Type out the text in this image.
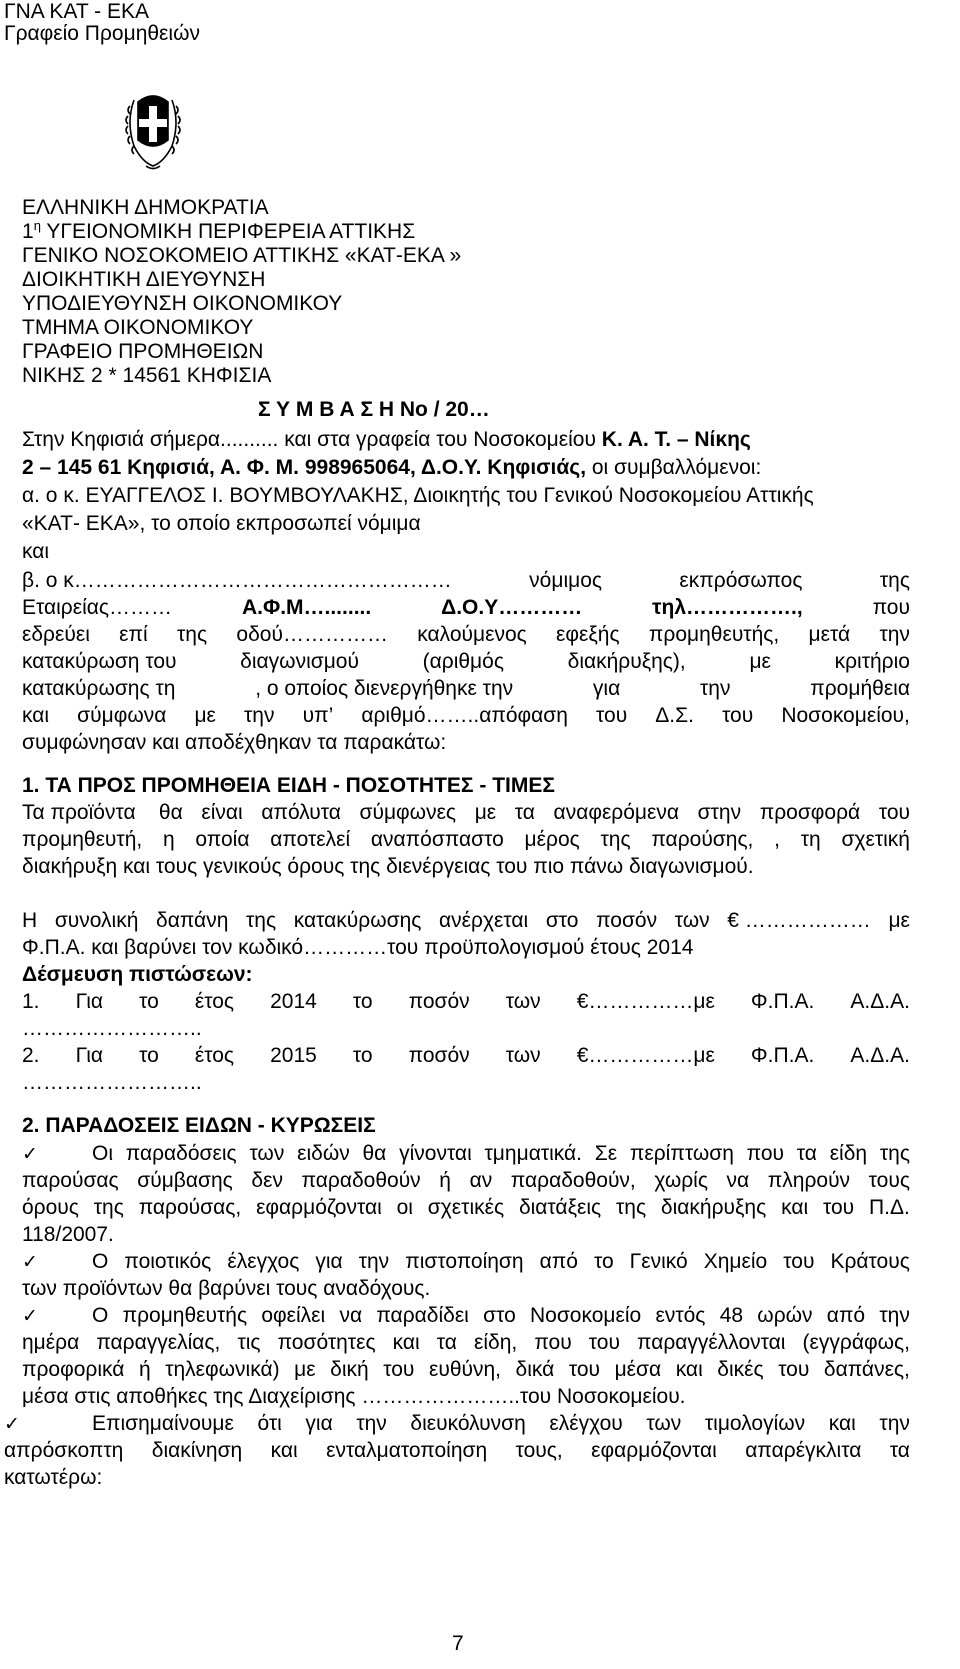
ΓΝΑ ΚΑΤ - ΕΚΑ
Γραφείο Προμηθειών
ΕΛΛΗΝΙΚΗ ΔΗΜΟΚΡΑΤΙΑ
$1^\eta$ ΥΓΕΙΟΝΟΜΙΚΗ ΠΕΡΙΦΕΡΕΙΑ ΑΤΤΙΚΗΣ
ΓΕΝΙΚΟ ΝΟΣΟΚΟΜΕΙΟ ΑΤΤΙΚΗΣ «ΚΑΤ-ΕΚΑ »
ΔΙΟΙΚΗΤΙΚΗ ΔΙΕΥΘΥΝΣΗ
ΥΠΟΔΙΕΥΘΥΝΣΗ ΟΙΚΟΝΟΜΙΚΟΥ
ΤΜΗΜΑ ΟΙΚΟΝΟΜΙΚΟΥ
ΓΡΑΦΕΙΟ ΠΡΟΜΗΘΕΙΩΝ
ΝΙΚΗΣ 2 * 14561 ΚΗΦΙΣΙΑ
Σ Υ Μ Β Α Σ Η Νο / 20…
Στην Κηφισιά σήμερα.......... και στα γραφεία του Νοσοκομείου Κ. Α. Τ. – Νίκης
2 – 145 61 Κηφισιά, Α. Φ. Μ. 998965064, Δ.Ο.Υ. Κηφισιάς, οι συμβαλλόμενοι:
α. ο κ. ΕΥΑΓΓΕΛΟΣ Ι. ΒΟΥΜΒΟΥΛΑΚΗΣ, Διοικητής του Γενικού Νοσοκομείου Αττικής
«ΚΑΤ- ΕΚΑ», το οποίο εκπροσωπεί νόμιμα
και
β. ο κ………………………………………………	νόμιμος	εκπρόσωπος	της
Εταιρείας………	Α.Φ.Μ…........	Δ.Ο.Υ…………	τηλ…………….,	που
εδρεύει επί της οδού…………… καλούμενος εφεξής προμηθευτής, μετά την
κατακύρωση του	διαγωνισμού	(αριθμός	διακήρυξης),	με	κριτήριο
κατακύρωσης τη	, ο οποίος διενεργήθηκε την	για	την	προμήθεια
και σύμφωνα με την υπ’ αριθμό……..απόφαση του Δ.Σ. του Νοσοκομείου,
συμφώνησαν και αποδέχθηκαν τα παρακάτω:
1. ΤΑ ΠΡΟΣ ΠΡΟΜΗΘΕΙΑ ΕΙΔΗ - ΠΟΣΟΤΗΤΕΣ - ΤΙΜΕΣ
Τα προϊόντα    θα είναι απόλυτα σύμφωνες με τα αναφερόμενα στην προσφορά του
προμηθευτή, η οποία αποτελεί αναπόσπαστο μέρος της παρούσης, , τη σχετική
διακήρυξη και τους γενικούς όρους της διενέργειας του πιο πάνω διαγωνισμού.
Η συνολική δαπάνη της κατακύρωσης ανέρχεται στο ποσόν των € ……………… με
Φ.Π.Α. και βαρύνει τον κωδικό…………του προϋπολογισμού έτους 2014
Δέσμευση πιστώσεων:
1. Για το έτος 2014 το ποσόν των €……………με Φ.Π.Α. Α.Δ.Α.
……………………..
2. Για το έτος 2015 το ποσόν των €……………με Φ.Π.Α. Α.Δ.Α.
……………………..
2. ΠΑΡΑΔΟΣΕΙΣ ΕΙΔΩΝ - ΚΥΡΩΣΕΙΣ
✓	Οι παραδόσεις των ειδών θα γίνονται τμηματικά. Σε περίπτωση που τα είδη της
παρούσας σύμβασης δεν παραδοθούν ή αν παραδοθούν, χωρίς να πληρούν τους
όρους της παρούσας, εφαρμόζονται οι σχετικές διατάξεις της διακήρυξης και του Π.Δ.
118/2007.
✓	Ο ποιοτικός έλεγχος για την πιστοποίηση από το Γενικό Χημείο του Κράτους
των προϊόντων θα βαρύνει τους αναδόχους.
✓	Ο προμηθευτής οφείλει να παραδίδει στο Νοσοκομείο εντός 48 ωρών από την
ημέρα παραγγελίας, τις ποσότητες και τα είδη, που του παραγγέλλονται (εγγράφως,
προφορικά ή τηλεφωνικά) με δική του ευθύνη, δικά του μέσα και δικές του δαπάνες,
μέσα στις αποθήκες της Διαχείρισης …………………..του Νοσοκομείου.
✓	Επισημαίνουμε ότι για την διευκόλυνση ελέγχου των τιμολογίων και την
απρόσκοπτη διακίνηση και ενταλματοποίηση τους, εφαρμόζονται απαρέγκλιτα τα
κατωτέρω:
7
